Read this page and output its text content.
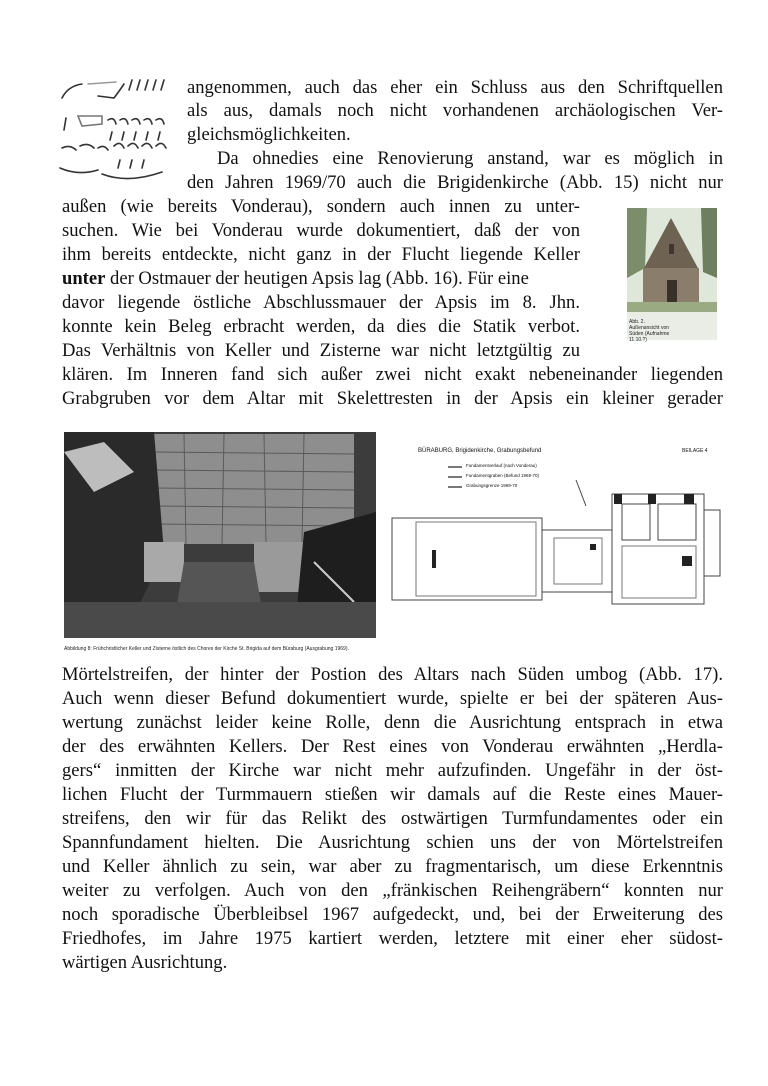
angenommen, auch das eher ein Schluss aus den Schriftquellen
als aus, damals noch nicht vorhandenen archäologischen Ver-
gleichsmöglichkeiten.
Da ohnedies eine Renovierung anstand, war es möglich in
den Jahren 1969/70 auch die Brigidenkirche (Abb. 15) nicht nur
außen (wie bereits Vonderau), sondern auch innen zu unter-
suchen. Wie bei Vonderau wurde dokumentiert, daß der von
ihm bereits entdeckte, nicht ganz in der Flucht liegende Keller
unter der Ostmauer der heutigen Apsis lag (Abb. 16). Für eine
davor liegende östliche Abschlussmauer der Apsis im 8. Jhn.
konnte kein Beleg erbracht werden, da dies die Statik verbot.
Das Verhältnis von Keller und Zisterne war nicht letztgültig zu
Abb. 2. Außenansicht von Süden (Aufnahme 11.10.?)
klären. Im Inneren fand sich außer zwei nicht exakt nebeneinander liegenden
Grabgruben vor dem Altar mit Skelettresten in der Apsis ein kleiner gerader
Abbildung 8: Frühchristlicher Keller und Zisterne östlich des Chores der Kirche St. Brigida auf dem Büraburg (Ausgrabung 1969).
BÜRABURG, Brigidenkirche, Grabungsbefund	BEILAGE 4
Fundamentverlauf (nach Vonderau)
Fundamentgraben (Befund 1969-70)
Grabungsgrenze 1969-70
Mörtelstreifen, der hinter der Postion des Altars nach Süden umbog (Abb. 17).
Auch wenn dieser Befund dokumentiert wurde, spielte er bei der späteren Aus-
wertung zunächst leider keine Rolle, denn die Ausrichtung entsprach in etwa
der des erwähnten Kellers. Der Rest eines von Vonderau erwähnten „Herdla-
gers“ inmitten der Kirche war nicht mehr aufzufinden. Ungefähr in der öst-
lichen Flucht der Turmmauern stießen wir damals auf die Reste eines Mauer-
streifens, den wir für das Relikt des ostwärtigen Turmfundamentes oder ein
Spannfundament hielten. Die Ausrichtung schien uns der von Mörtelstreifen
und Keller ähnlich zu sein, war aber zu fragmentarisch, um diese Erkenntnis
weiter zu verfolgen. Auch von den „fränkischen Reihengräbern“ konnten nur
noch sporadische Überbleibsel 1967 aufgedeckt, und, bei der Erweiterung des
Friedhofes, im Jahre 1975 kartiert werden, letztere mit einer eher südost-
wärtigen Ausrichtung.
